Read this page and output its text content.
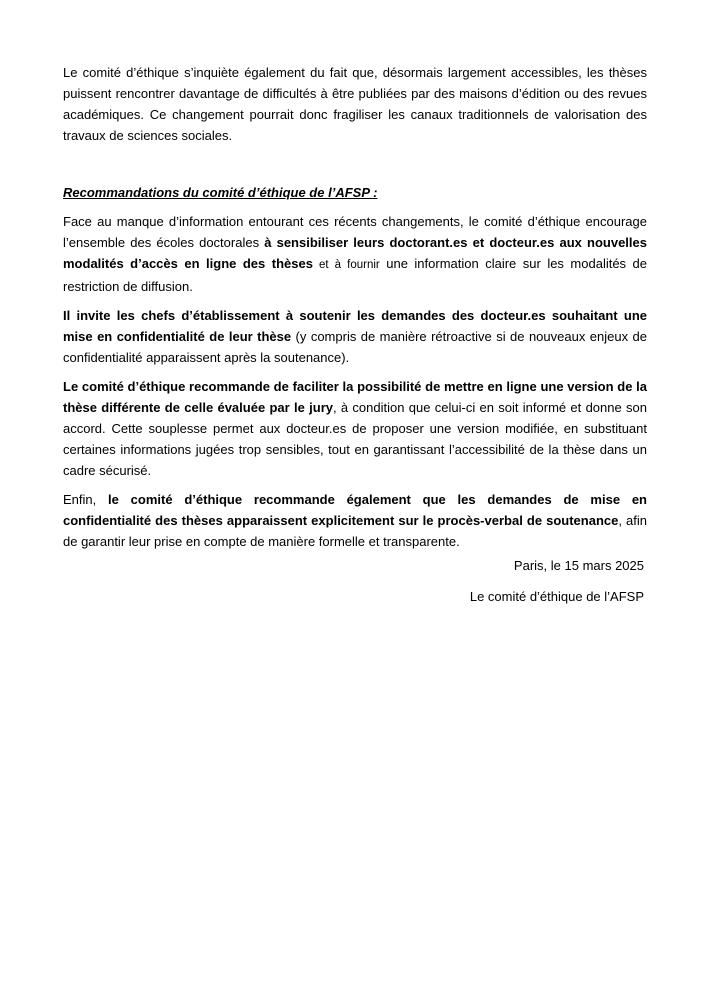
Le comité d’éthique s’inquiète également du fait que, désormais largement accessibles, les thèses puissent rencontrer davantage de difficultés à être publiées par des maisons d’édition ou des revues académiques. Ce changement pourrait donc fragiliser les canaux traditionnels de valorisation des travaux de sciences sociales.

Recommandations du comité d’éthique de l’AFSP :

Face au manque d’information entourant ces récents changements, le comité d’éthique encourage l’ensemble des écoles doctorales à sensibiliser leurs doctorant.es et docteur.es aux nouvelles modalités d’accès en ligne des thèses et à fournir une information claire sur les modalités de restriction de diffusion.

Il invite les chefs d’établissement à soutenir les demandes des docteur.es souhaitant une mise en confidentialité de leur thèse (y compris de manière rétroactive si de nouveaux enjeux de confidentialité apparaissent après la soutenance).

Le comité d’éthique recommande de faciliter la possibilité de mettre en ligne une version de la thèse différente de celle évaluée par le jury, à condition que celui-ci en soit informé et donne son accord. Cette souplesse permet aux docteur.es de proposer une version modifiée, en substituant certaines informations jugées trop sensibles, tout en garantissant l’accessibilité de la thèse dans un cadre sécurisé.

Enfin, le comité d’éthique recommande également que les demandes de mise en confidentialité des thèses apparaissent explicitement sur le procès-verbal de soutenance, afin de garantir leur prise en compte de manière formelle et transparente.

Paris, le 15 mars 2025

Le comité d’éthique de l’AFSP
